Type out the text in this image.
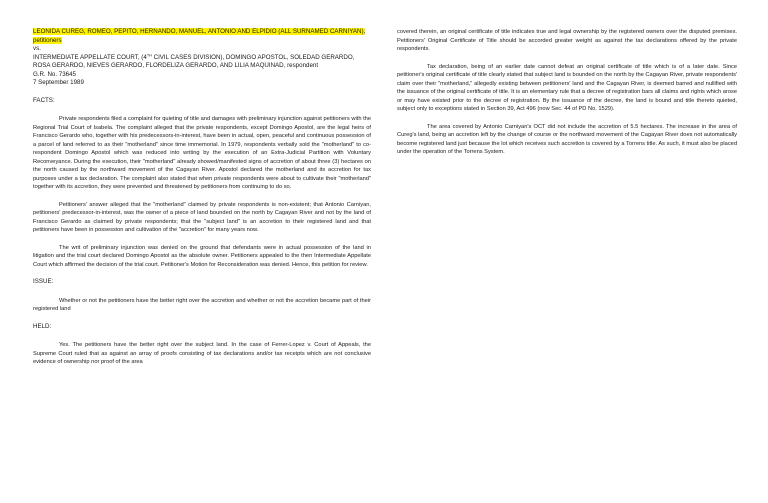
LEONIDA CUREG, ROMEO, PEPITO, HERNANDO, MANUEL, ANTONIO AND ELPIDIO (ALL SURNAMED CARNIYAN), petitioners

vs.

INTERMEDIATE APPELLATE COURT, (4TH CIVIL CASES DIVISION), DOMINGO APOSTOL, SOLEDAD GERARDO, ROSA GERARDO, NIEVES GERARDO, FLORDELIZA GERARDO, AND LILIA MAQUINAD, respondent

G.R. No. 73645

7 September 1989

FACTS:

Private respondents filed a complaint for quieting of title and damages with preliminary injunction against petitioners with the Regional Trial Court of Isabela. The complaint alleged that the private respondents, except Domingo Apostol, are the legal heirs of Francisco Gerardo who, together with his predecessors-in-interest, have been in actual, open, peaceful and continuous possession of a parcel of land referred to as their "motherland" since time immemorial. In 1979, respondents verbally sold the "motherland" to co-respondent Domingo Apostol which was reduced into writing by the execution of an Extra-Judicial Partition with Voluntary Reconveyance. During the execution, their "motherland" already showed/manifested signs of accretion of about three (3) hectares on the north caused by the northward movement of the Cagayan River. Apostol declared the motherland and its accretion for tax purposes under a tax declaration. The complaint also stated that when private respondents were about to cultivate their "motherland" together with its accretion, they were prevented and threatened by petitioners from continuing to do so.

Petitioners' answer alleged that the "motherland" claimed by private respondents is non-existent; that Antonio Carniyan, petitioners' predecessor-in-interest, was the owner of a piece of land bounded on the north by Cagayan River and not by the land of Francisco Gerardo as claimed by private respondents; that the "subject land" is an accretion to their registered land and that petitioners have been in possession and cultivation of the "accretion" for many years now.

The writ of preliminary injunction was denied on the ground that defendants were in actual possession of the land in litigation and the trial court declared Domingo Apostol as the absolute owner. Petitioners appealed to the then Intermediate Appellate Court which affirmed the decision of the trial court. Petitioner's Motion for Reconsideration was denied. Hence, this petition for review.

ISSUE:

Whether or not the petitioners have the better right over the accretion and whether or not the accretion became part of their registered land

HELD:

Yes. The petitioners have the better right over the subject land. In the case of Ferrer-Lopez v. Court of Appeals, the Supreme Court ruled that as against an array of proofs consisting of tax declarations and/or tax receipts which are not conclusive evidence of ownership nor proof of the area

covered therein, an original certificate of title indicates true and legal ownership by the registered owners over the disputed premises. Petitioners' Original Certificate of Title should be accorded greater weight as against the tax declarations offered by the private respondents.

Tax declaration, being of an earlier date cannot defeat an original certificate of title which is of a later date. Since petitioner's original certificate of title clearly stated that subject land is bounded on the north by the Cagayan River, private respondents' claim over their "motherland," allegedly existing between petitioners' land and the Cagayan River, is deemed barred and nullified with the issuance of the original certificate of title. It is an elementary rule that a decree of registration bars all claims and rights which arose or may have existed prior to the decree of registration. By the issuance of the decree, the land is bound and title thereto quieted, subject only to exceptions stated in Section 39, Act 496 (now Sec. 44 of PD No. 1529).

The area covered by Antonio Carniyan's OCT did not include the accretion of 5.5 hectares. The increase in the area of Cureg's land, being an accretion left by the change of course or the northward movement of the Cagayan River does not automatically become registered land just because the lot which receives such accretion is covered by a Torrens title. As such, it must also be placed under the operation of the Torrens System.
